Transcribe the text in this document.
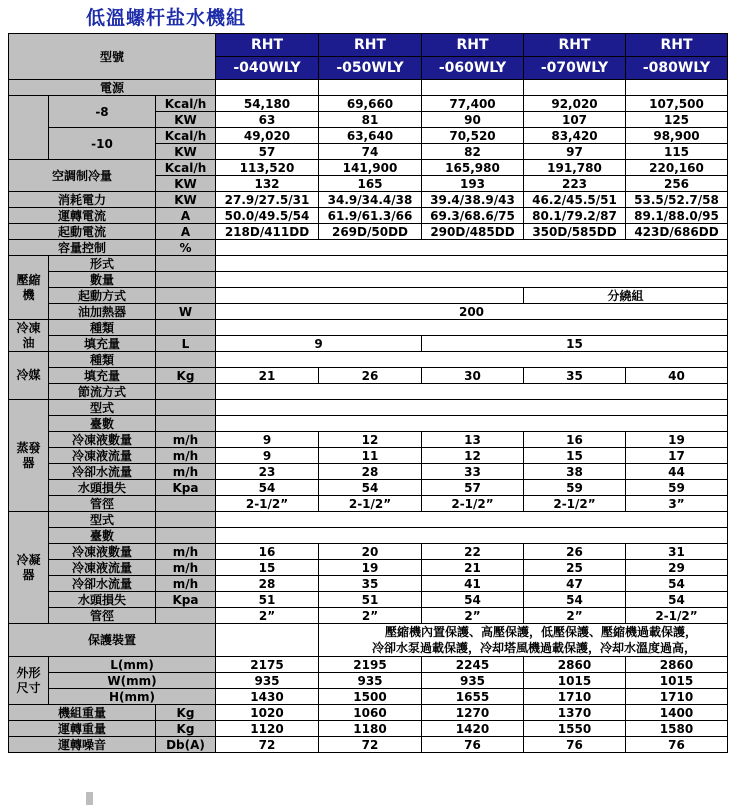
低溫螺杆盐水機組
型號			RHT	RHT	RHT	RHT	RHT
			-040WLY	-050WLY	-060WLY	-070WLY	-080WLY
電源							
	-8	Kcal/h	54,180	69,660	77,400	92,020	107,500
		KW	63	81	90	107	125
	-10	Kcal/h	49,020	63,640	70,520	83,420	98,900
		KW	57	74	82	97	115
空調制冷量		Kcal/h	113,520	141,900	165,980	191,780	220,160
		KW	132	165	193	223	256
消耗電力		KW	27.9/27.5/31	34.9/34.4/38	39.4/38.9/43	46.2/45.5/51	53.5/52.7/58
運轉電流		A	50.0/49.5/54	61.9/61.3/66	69.3/68.6/75	80.1/79.2/87	89.1/88.0/95
起動電流		A	218D/411DD	269D/50DD	290D/485DD	350D/585DD	423D/686DD
容量控制		%					
壓縮機	形式						
	數量						
	起動方式					分繞組	
	油加熱器	W	200				
冷凍油	種類						
	填充量	L	9		15		
冷媒	種類						
	填充量	Kg	21	26	30	35	40
	節流方式						
蒸發器	型式						
	臺數						
	冷凍液數量	m/h	9	12	13	16	19
	冷凍液流量	m/h	9	11	12	15	17
	冷卻水流量	m/h	23	28	33	38	44
	水頭損失	Kpa	54	54	57	59	59
	管徑		2-1/2”	2-1/2”	2-1/2”	2-1/2”	3”
冷凝器	型式						
	臺數						
	冷凍液數量	m/h	16	20	22	26	31
	冷凍液流量	m/h	15	19	21	25	29
	冷卻水流量	m/h	28	35	41	47	54
	水頭損失	Kpa	51	51	54	54	54
	管徑		2”	2”	2”	2”	2-1/2”
保護裝置				壓縮機內置保護、高壓保護，低壓保護、壓縮機過載保護，
冷卻水泵過載保護，冷却塔風機過載保護，冷却水溫度過高，			

外形尺寸	L(mm)		2175	2195	2245	2860	2860
	W(mm)		935	935	935	1015	1015
	H(mm)		1430	1500	1655	1710	1710
機組重量		Kg	1020	1060	1270	1370	1400
運轉重量		Kg	1120	1180	1420	1550	1580
運轉噪音		Db(A)	72	72	76	76	76
